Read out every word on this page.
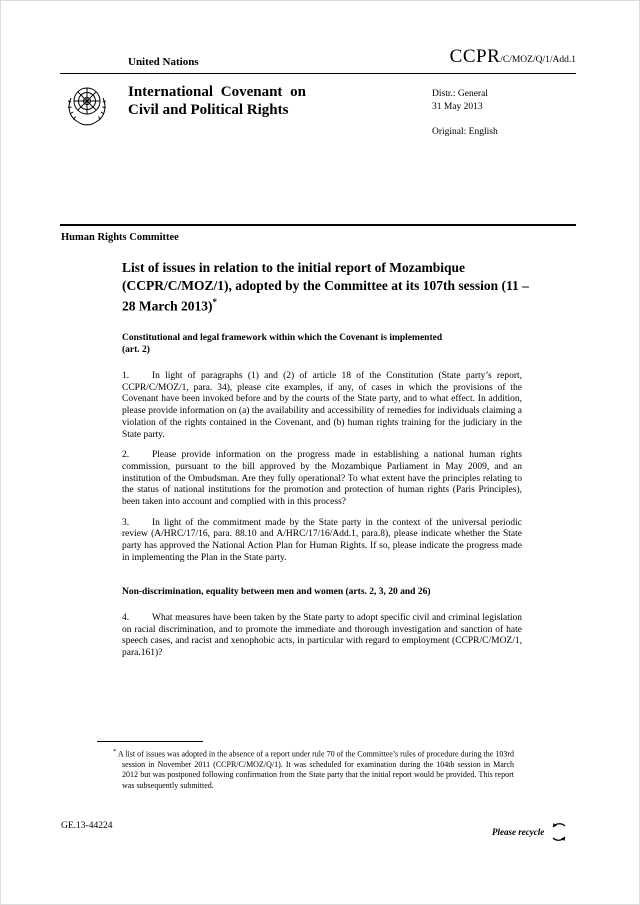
United Nations	CCPR/C/MOZ/Q/1/Add.1
International Covenant on
Civil and Political Rights
Distr.: General
31 May 2013
Original: English
Human Rights Committee
List of issues in relation to the initial report of Mozambique (CCPR/C/MOZ/1), adopted by the Committee at its 107th session (11 – 28 March 2013)*
Constitutional and legal framework within which the Covenant is implemented
(art. 2)

1. In light of paragraphs (1) and (2) of article 18 of the Constitution (State party’s report, CCPR/C/MOZ/1, para. 34), please cite examples, if any, of cases in which the provisions of the Covenant have been invoked before and by the courts of the State party, and to what effect. In addition, please provide information on (a) the availability and accessibility of remedies for individuals claiming a violation of the rights contained in the Covenant, and (b) human rights training for the judiciary in the State party.

2. Please provide information on the progress made in establishing a national human rights commission, pursuant to the bill approved by the Mozambique Parliament in May 2009, and an institution of the Ombudsman. Are they fully operational? To what extent have the principles relating to the status of national institutions for the promotion and protection of human rights (Paris Principles), been taken into account and complied with in this process?

3. In light of the commitment made by the State party in the context of the universal periodic review (A/HRC/17/16, para. 88.10 and A/HRC/17/16/Add.1, para.8), please indicate whether the State party has approved the National Action Plan for Human Rights. If so, please indicate the progress made in implementing the Plan in the State party.

Non-discrimination, equality between men and women (arts. 2, 3, 20 and 26)

4. What measures have been taken by the State party to adopt specific civil and criminal legislation on racial discrimination, and to promote the immediate and thorough investigation and sanction of hate speech cases, and racist and xenophobic acts, in particular with regard to employment (CCPR/C/MOZ/1, para.161)?

* A list of issues was adopted in the absence of a report under rule 70 of the Committee’s rules of procedure during the 103rd session in November 2011 (CCPR/C/MOZ/Q/1). It was scheduled for examination during the 104th session in March 2012 but was postponed following confirmation from the State party that the initial report would be provided. This report was subsequently submitted.
GE.13-44224
Please recycle
